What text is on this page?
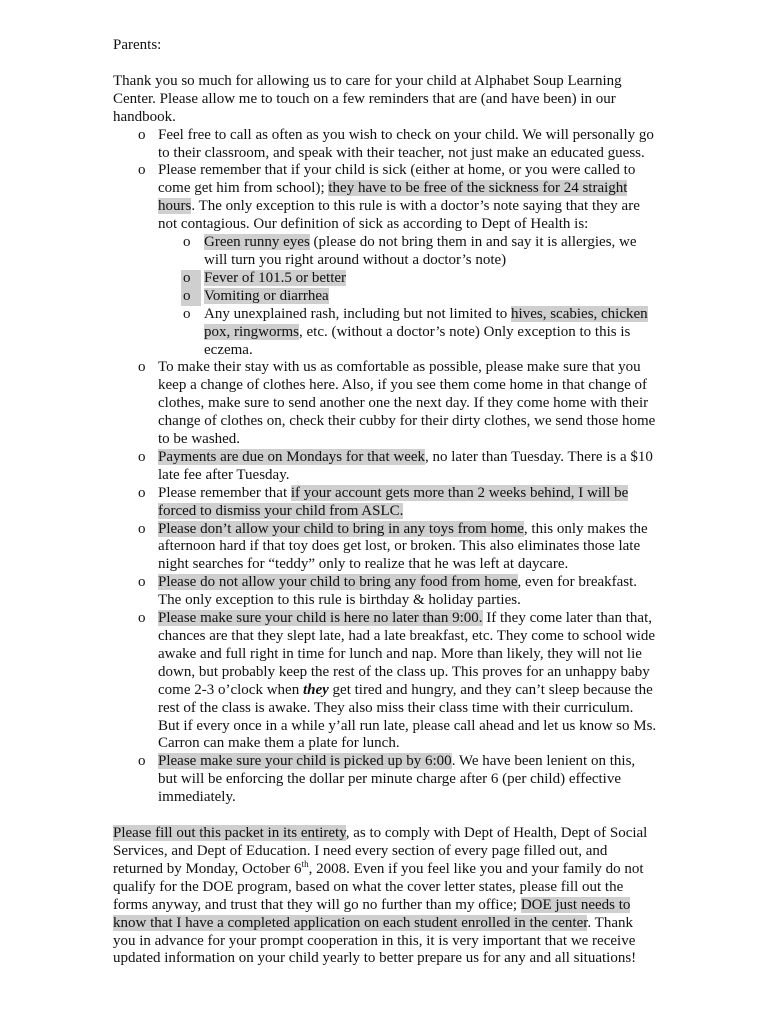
Parents:

Thank you so much for allowing us to care for your child at Alphabet Soup Learning Center. Please allow me to touch on a few reminders that are (and have been) in our handbook.

o Feel free to call as often as you wish to check on your child. We will personally go to their classroom, and speak with their teacher, not just make an educated guess.
o Please remember that if your child is sick (either at home, or you were called to come get him from school); they have to be free of the sickness for 24 straight hours. The only exception to this rule is with a doctor’s note saying that they are not contagious. Our definition of sick as according to Dept of Health is:
o Green runny eyes (please do not bring them in and say it is allergies, we will turn you right around without a doctor’s note)
o Fever of 101.5 or better
o Vomiting or diarrhea
o Any unexplained rash, including but not limited to hives, scabies, chicken pox, ringworms, etc. (without a doctor’s note) Only exception to this is eczema.
o To make their stay with us as comfortable as possible, please make sure that you keep a change of clothes here. Also, if you see them come home in that change of clothes, make sure to send another one the next day. If they come home with their change of clothes on, check their cubby for their dirty clothes, we send those home to be washed.
o Payments are due on Mondays for that week, no later than Tuesday. There is a $10 late fee after Tuesday.
o Please remember that if your account gets more than 2 weeks behind, I will be forced to dismiss your child from ASLC.
o Please don’t allow your child to bring in any toys from home, this only makes the afternoon hard if that toy does get lost, or broken. This also eliminates those late night searches for “teddy” only to realize that he was left at daycare.
o Please do not allow your child to bring any food from home, even for breakfast. The only exception to this rule is birthday & holiday parties.
o Please make sure your child is here no later than 9:00. If they come later than that, chances are that they slept late, had a late breakfast, etc. They come to school wide awake and full right in time for lunch and nap. More than likely, they will not lie down, but probably keep the rest of the class up. This proves for an unhappy baby come 2-3 o’clock when they get tired and hungry, and they can’t sleep because the rest of the class is awake. They also miss their class time with their curriculum. But if every once in a while y’all run late, please call ahead and let us know so Ms. Carron can make them a plate for lunch.
o Please make sure your child is picked up by 6:00. We have been lenient on this, but will be enforcing the dollar per minute charge after 6 (per child) effective immediately.

Please fill out this packet in its entirety, as to comply with Dept of Health, Dept of Social Services, and Dept of Education. I need every section of every page filled out, and returned by Monday, October 6th, 2008. Even if you feel like you and your family do not qualify for the DOE program, based on what the cover letter states, please fill out the forms anyway, and trust that they will go no further than my office; DOE just needs to know that I have a completed application on each student enrolled in the center. Thank you in advance for your prompt cooperation in this, it is very important that we receive updated information on your child yearly to better prepare us for any and all situations!
